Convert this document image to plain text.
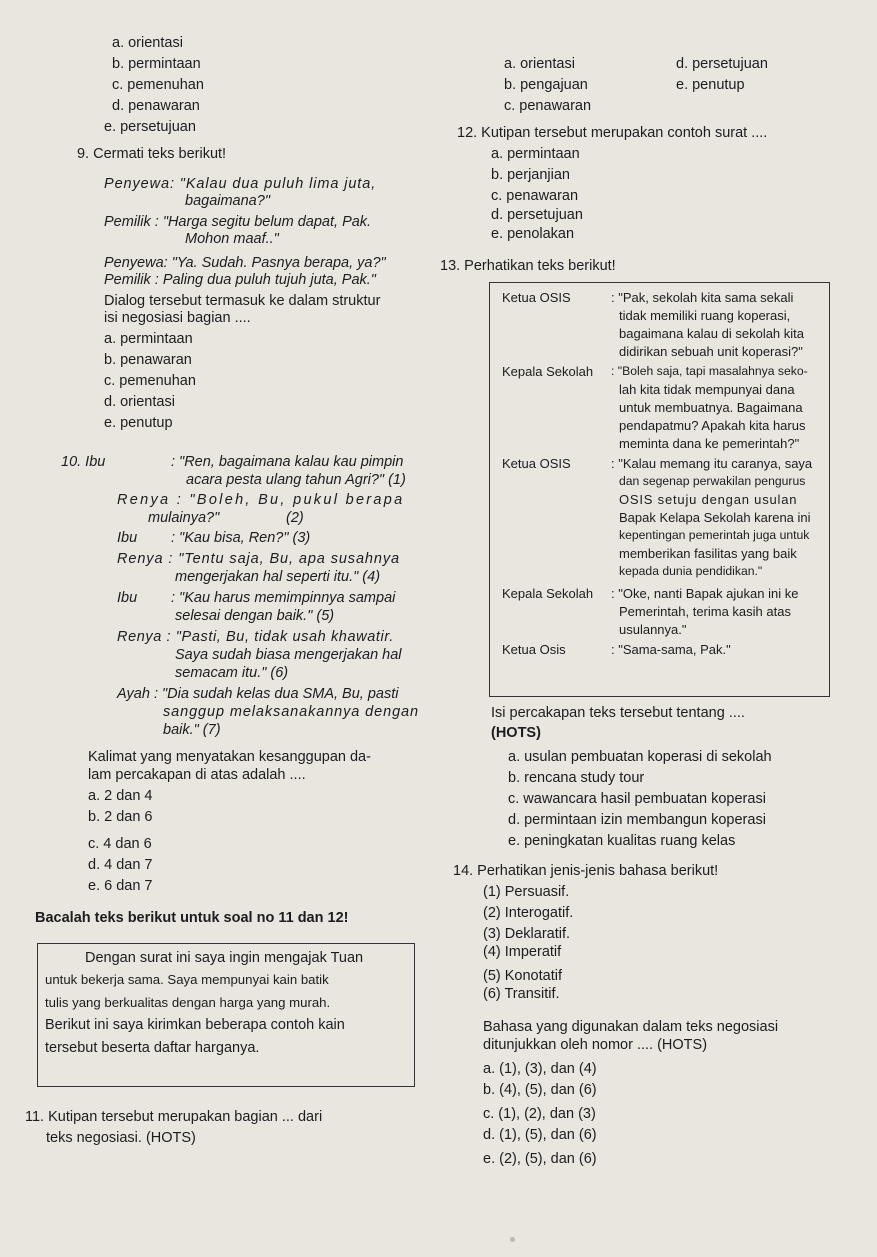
a. orientasi
b. permintaan
c. pemenuhan
d. penawaran
e. persetujuan
9. Cermati teks berikut!
Penyewa: "Kalau dua puluh lima juta,
bagaimana?"
Pemilik : "Harga segitu belum dapat, Pak.
Mohon maaf.."
Penyewa: "Ya. Sudah. Pasnya berapa, ya?"
Pemilik : Paling dua puluh tujuh juta, Pak."
Dialog tersebut termasuk ke dalam struktur
isi negosiasi bagian ....
a. permintaan
b. penawaran
c. pemenuhan
d. orientasi
e. penutup
10. Ibu	: "Ren, bagaimana kalau kau pimpin
acara pesta ulang tahun Agri?" (1)
Renya : "Boleh, Bu, pukul berapa
mulainya?"	(2)
Ibu : "Kau bisa, Ren?" (3)
Renya : "Tentu saja, Bu, apa susahnya
mengerjakan hal seperti itu." (4)
Ibu : "Kau harus memimpinnya sampai
selesai dengan baik." (5)
Renya : "Pasti, Bu, tidak usah khawatir.
Saya sudah biasa mengerjakan hal
semacam itu." (6)
Ayah : "Dia sudah kelas dua SMA, Bu, pasti
sanggup melaksanakannya dengan
baik." (7)
Kalimat yang menyatakan kesanggupan da-
lam percakapan di atas adalah ....
a. 2 dan 4
b. 2 dan 6
c. 4 dan 6
d. 4 dan 7
e. 6 dan 7
Bacalah teks berikut untuk soal no 11 dan 12!
Dengan surat ini saya ingin mengajak Tuan
untuk bekerja sama. Saya mempunyai kain batik
tulis yang berkualitas dengan harga yang murah.
Berikut ini saya kirimkan beberapa contoh kain
tersebut beserta daftar harganya.
11. Kutipan tersebut merupakan bagian ... dari
teks negosiasi. (HOTS)
a. orientasi
b. pengajuan
c. penawaran
d. persetujuan
e. penutup
12. Kutipan tersebut merupakan contoh surat ....
a. permintaan
b. perjanjian
c. penawaran
d. persetujuan
e. penolakan
13. Perhatikan teks berikut!
Ketua OSIS	: "Pak, sekolah kita sama sekali
tidak memiliki ruang koperasi,
bagaimana kalau di sekolah kita
didirikan sebuah unit koperasi?"
Kepala Sekolah : "Boleh saja, tapi masalahnya seko-
lah kita tidak mempunyai dana
untuk membuatnya. Bagaimana
pendapatmu? Apakah kita harus
meminta dana ke pemerintah?"
Ketua OSIS	: "Kalau memang itu caranya, saya
dan segenap perwakilan pengurus
OSIS setuju dengan usulan
Bapak Kelapa Sekolah karena ini
kepentingan pemerintah juga untuk
memberikan fasilitas yang baik
kepada dunia pendidikan."
Kepala Sekolah : "Oke, nanti Bapak ajukan ini ke
Pemerintah, terima kasih atas
usulannya."
Ketua Osis	: "Sama-sama, Pak."
Isi percakapan teks tersebut tentang ....
(HOTS)
a. usulan pembuatan koperasi di sekolah
b. rencana study tour
c. wawancara hasil pembuatan koperasi
d. permintaan izin membangun koperasi
e. peningkatan kualitas ruang kelas
14. Perhatikan jenis-jenis bahasa berikut!
(1) Persuasif.
(2) Interogatif.
(3) Deklaratif.
(4) Imperatif
(5) Konotatif
(6) Transitif.
Bahasa yang digunakan dalam teks negosiasi
ditunjukkan oleh nomor .... (HOTS)
a. (1), (3), dan (4)
b. (4), (5), dan (6)
c. (1), (2), dan (3)
d. (1), (5), dan (6)
e. (2), (5), dan (6)
